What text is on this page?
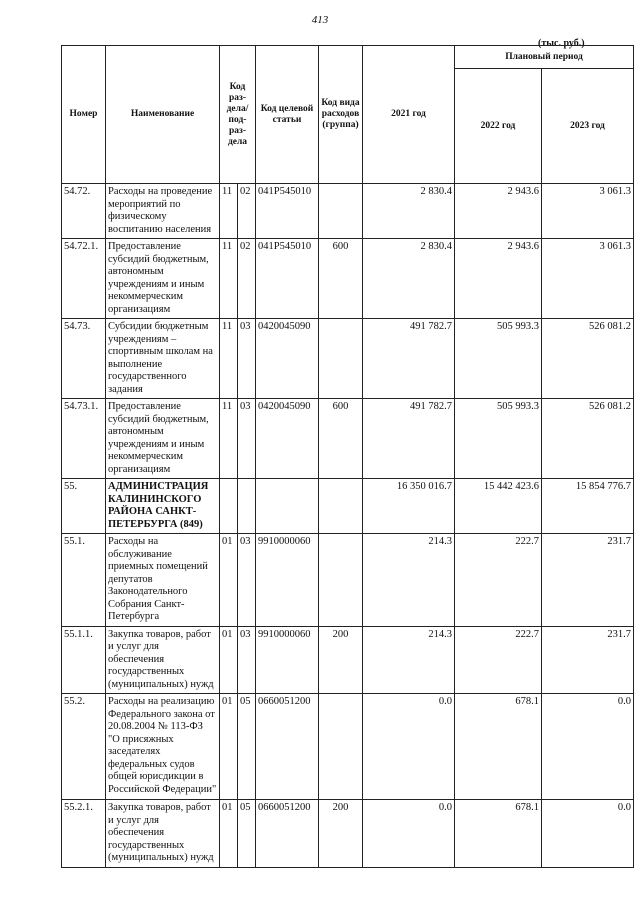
413
(тыс. руб.)
Номер	Наименование	Код раз- дела/ под- раз- дела		Код целевой статьи	Код вида расходов (группа)	2021 год	Плановый период	
							2022 год	2023 год
54.72.	Расходы на проведение мероприятий по физическому воспитанию населения	11	02	041P545010		2 830.4	2 943.6	3 061.3
54.72.1.	Предоставление субсидий бюджетным, автономным учреждениям и иным некоммерческим организациям	11	02	041P545010	600	2 830.4	2 943.6	3 061.3
54.73.	Субсидии бюджетным учреждениям – спортивным школам на выполнение государственного задания	11	03	0420045090		491 782.7	505 993.3	526 081.2
54.73.1.	Предоставление субсидий бюджетным, автономным учреждениям и иным некоммерческим организациям	11	03	0420045090	600	491 782.7	505 993.3	526 081.2
55.	АДМИНИСТРАЦИЯ КАЛИНИНСКОГО РАЙОНА САНКТ-ПЕТЕРБУРГА (849)					16 350 016.7	15 442 423.6	15 854 776.7
55.1.	Расходы на обслуживание приемных помещений депутатов Законодательного Собрания Санкт-Петербурга	01	03	9910000060		214.3	222.7	231.7
55.1.1.	Закупка товаров, работ и услуг для обеспечения государственных (муниципальных) нужд	01	03	9910000060	200	214.3	222.7	231.7
55.2.	Расходы на реализацию Федерального закона от 20.08.2004 № 113-ФЗ "О присяжных заседателях федеральных судов общей юрисдикции в Российской Федерации"	01	05	0660051200		0.0	678.1	0.0
55.2.1.	Закупка товаров, работ и услуг для обеспечения государственных (муниципальных) нужд	01	05	0660051200	200	0.0	678.1	0.0
